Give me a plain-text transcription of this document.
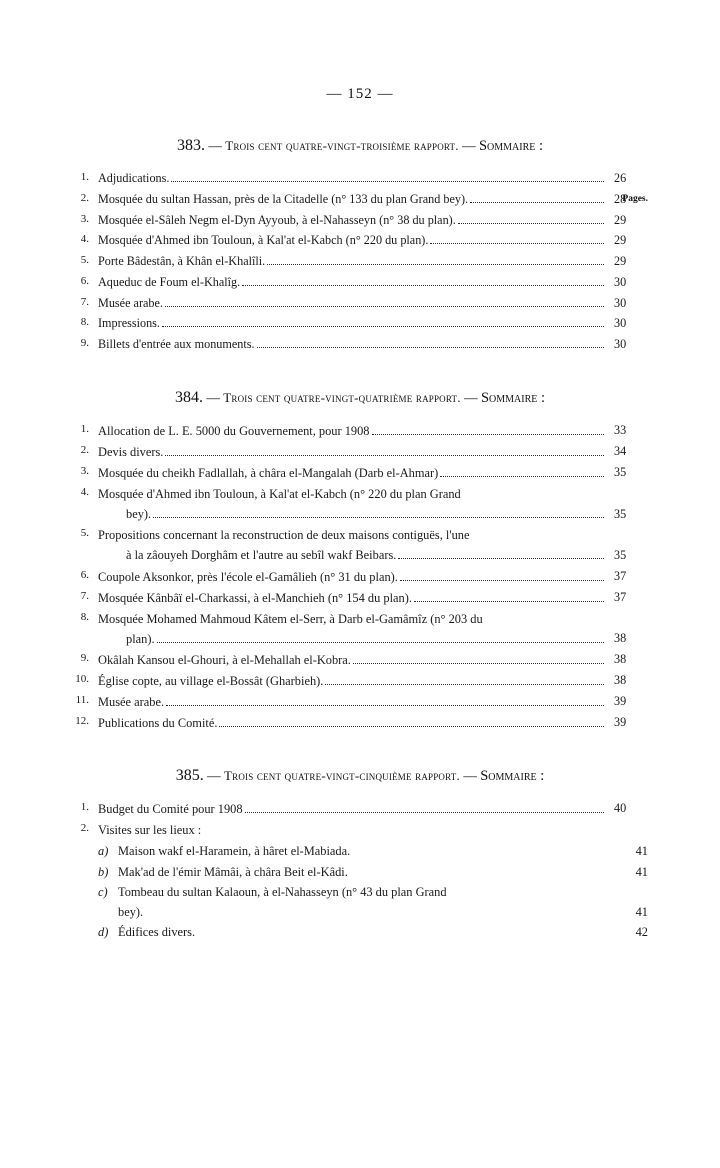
— 152 —
Pages.
383. — Trois cent quatre-vingt-troisième rapport. — Sommaire :
1. Adjudications.	26
2. Mosquée du sultan Hassan, près de la Citadelle (n° 133 du plan Grand bey).	28
3. Mosquée el-Sâleh Negm el-Dyn Ayyoub, à el-Nahasseyn (n° 38 du plan).	29
4. Mosquée d'Ahmed ibn Touloun, à Kal'at el-Kabch (n° 220 du plan).	29
5. Porte Bâdestân, à Khân el-Khalîli.	29
6. Aqueduc de Foum el-Khalîg.	30
7. Musée arabe.	30
8. Impressions.	30
9. Billets d'entrée aux monuments.	30
384. — Trois cent quatre-vingt-quatrième rapport. — Sommaire :
1. Allocation de L. E. 5000 du Gouvernement, pour 1908	33
2. Devis divers.	34
3. Mosquée du cheikh Fadlallah, à châra el-Mangalah (Darb el-Ahmar)	35
4. Mosquée d'Ahmed ibn Touloun, à Kal'at el-Kabch (n° 220 du plan Grand
bey).	35
5. Propositions concernant la reconstruction de deux maisons contiguës, l'une
à la zâouyeh Dorghâm et l'autre au sebîl wakf Beibars.	35
6. Coupole Aksonkor, près l'école el-Gamâlieh (n° 31 du plan).	37
7. Mosquée Kânbâï el-Charkassi, à el-Manchieh (n° 154 du plan).	37
8. Mosquée Mohamed Mahmoud Kâtem el-Serr, à Darb el-Gamâmîz (n° 203 du
plan).	38
9. Okâlah Kansou el-Ghouri, à el-Mehallah el-Kobra.	38
10. Église copte, au village el-Bossât (Gharbieh).	38
11. Musée arabe.	39
12. Publications du Comité.	39
385. — Trois cent quatre-vingt-cinquième rapport. — Sommaire :
1. Budget du Comité pour 1908	40
2. Visites sur les lieux :
a) Maison wakf el-Haramein, à hâret el-Mabiada.	41
b) Mak'ad de l'émir Mâmâi, à châra Beit el-Kâdi.	41
c) Tombeau du sultan Kalaoun, à el-Nahasseyn (n° 43 du plan Grand
bey).	41
d) Édifices divers.	42
